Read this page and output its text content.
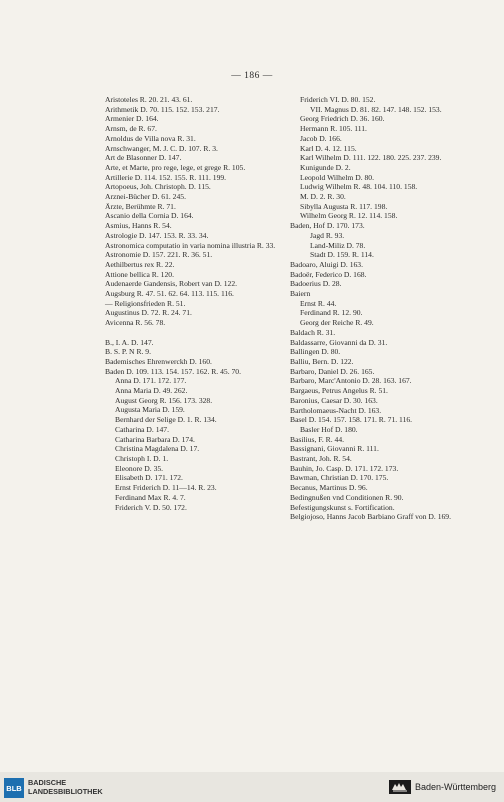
— 186 —
Aristoteles R. 20. 21. 43. 61.
Arithmetik D. 70. 115. 152. 153. 217.
Armenier D. 164.
Arnsm, de R. 67.
Arnoldus de Villa nova R. 31.
Arnschwanger, M. J. C. D. 107. R. 3.
Art de Blasonner D. 147.
Arte, et Marte, pro rege, lege, et grege R. 105.
Artillerie D. 114. 152. 155. R. 111. 199.
Artopoeus, Joh. Christoph. D. 115.
Arznei-Bücher D. 61. 245.
Ärzte, Berühmte R. 71.
Ascanio della Cornia D. 164.
Asmius, Hanns R. 54.
Astrologie D. 147. 153. R. 33. 34.
Astronomica computatio in varia nomina illustria R. 33.
Astronomie D. 157. 221. R. 36. 51.
Aethilbertus rex R. 22.
Attione bellica R. 120.
Audenaerde Gandensis, Robert van D. 122.
Augsburg R. 47. 51. 62. 64. 113. 115. 116.
— Religionsfrieden R. 51.
Augustinus D. 72. R. 24. 71.
Avicenna R. 56. 78.
B., I. A. D. 147.
B. S. P. N R. 9.
Bademisches Ehrenwerckh D. 160.
Baden D. 109. 113. 154. 157. 162. R. 45. 70.
Anna D. 171. 172. 177.
Anna Maria D. 49. 262.
August Georg R. 156. 173. 328.
Augusta Maria D. 159.
Bernhard der Selige D. 1. R. 134.
Catharina D. 147.
Catharina Barbara D. 174.
Christina Magdalena D. 17.
Christoph I. D. 1.
Eleonore D. 35.
Elisabeth D. 171. 172.
Ernst Friderich D. 11—14. R. 23.
Ferdinand Max R. 4. 7.
Friderich V. D. 50. 172.
Friderich VI. D. 80. 152.
VII. Magnus D. 81. 82. 147. 148. 152. 153.
Georg Friedrich D. 36. 160.
Hermann R. 105. 111.
Jacob D. 166.
Karl D. 4. 12. 115.
Karl Wilhelm D. 111. 122. 180. 225. 237. 239.
Kunigunde D. 2.
Leopold Wilhelm D. 80.
Ludwig Wilhelm R. 48. 104. 110. 158.
M. D. 2. R. 30.
Sibylla Augusta R. 117. 198.
Wilhelm Georg R. 12. 114. 158.
Baden, Hof D. 170. 173.
Jagd R. 93.
Land-Miliz D. 78.
Stadt D. 159. R. 114.
Badoaro, Aluigi D. 163.
Badoër, Federico D. 168.
Badoerius D. 28.
Baiern
Ernst R. 44.
Ferdinand R. 12. 90.
Georg der Reiche R. 49.
Baldach R. 31.
Baldassarre, Giovanni da D. 31.
Ballingen D. 80.
Balliu, Bern. D. 122.
Barbaro, Daniel D. 26. 165.
Barbaro, Marc'Antonio D. 28. 163. 167.
Bargaeus, Petrus Angelus R. 51.
Baronius, Caesar D. 30. 163.
Bartholomaeus-Nacht D. 163.
Basel D. 154. 157. 158. 171. R. 71. 116.
Basler Hof D. 180.
Basilius, F. R. 44.
Bassignani, Giovanni R. 111.
Bastrant, Joh. R. 54.
Bauhin, Jo. Casp. D. 171. 172. 173.
Bawman, Christian D. 170. 175.
Becanus, Martinus D. 96.
Bedingnußen vnd Conditionen R. 90.
Befestigungskunst s. Fortification.
Belgiojoso, Hanns Jacob Barbiano Graff von D. 169.
BLB
BADISCHE
LANDESBIBLIOTHEK	Baden-Württemberg
